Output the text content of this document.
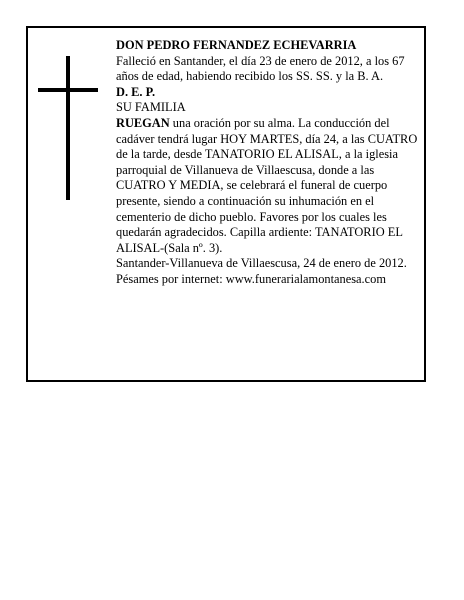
DON PEDRO FERNANDEZ ECHEVARRIA

Falleció en Santander, el día 23 de enero de 2012, a los 67 años de edad, habiendo recibido los SS. SS. y la B. A.

D. E. P.

SU FAMILIA

RUEGAN una oración por su alma. La conducción del cadáver tendrá lugar HOY MARTES, día 24, a las CUATRO de la tarde, desde TANATORIO EL ALISAL, a la iglesia parroquial de Villanueva de Villaescusa, donde a las CUATRO Y MEDIA, se celebrará el funeral de cuerpo presente, siendo a continuación su inhumación en el cementerio de dicho pueblo. Favores por los cuales les quedarán agradecidos. Capilla ardiente: TANATORIO EL ALISAL-(Sala nº. 3).

Santander-Villanueva de Villaescusa, 24 de enero de 2012.

Pésames por internet: www.funerarialamontanesa.com
